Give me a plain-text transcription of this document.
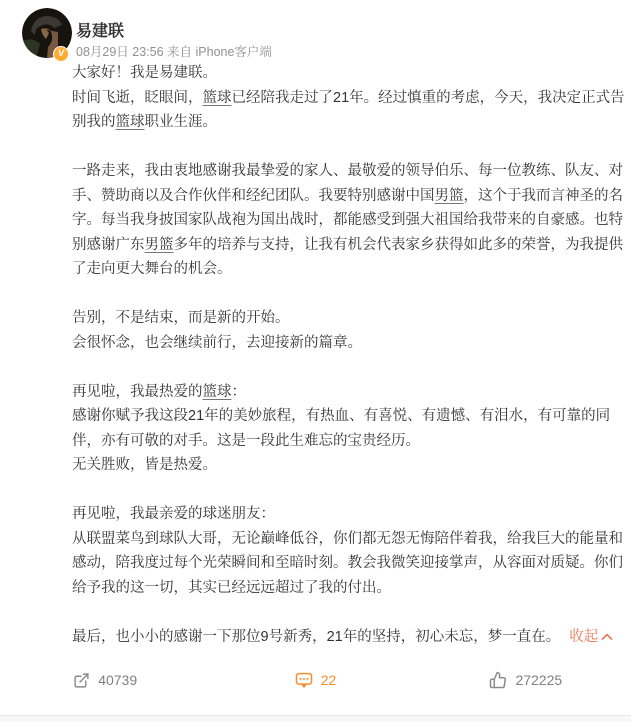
V
易建联
08月29日 23:56 来自 iPhone客户端

大家好！我是易建联。

时间飞逝，眨眼间，篮球已经陪我走过了21年。经过慎重的考虑，今天，我决定正式告

别我的篮球职业生涯。

一路走来，我由衷地感谢我最挚爱的家人、最敬爱的领导伯乐、每一位教练、队友、对

手、赞助商以及合作伙伴和经纪团队。我要特别感谢中国男篮，这个于我而言神圣的名

字。每当我身披国家队战袍为国出战时，都能感受到强大祖国给我带来的自豪感。也特

别感谢广东男篮多年的培养与支持，让我有机会代表家乡获得如此多的荣誉，为我提供

了走向更大舞台的机会。

告别，不是结束，而是新的开始。

会很怀念，也会继续前行，去迎接新的篇章。

再见啦，我最热爱的篮球：

感谢你赋予我这段21年的美妙旅程，有热血、有喜悦、有遗憾、有泪水，有可靠的同

伴，亦有可敬的对手。这是一段此生难忘的宝贵经历。

无关胜败，皆是热爱。

再见啦，我最亲爱的球迷朋友：

从联盟菜鸟到球队大哥，无论巅峰低谷，你们都无怨无悔陪伴着我，给我巨大的能量和

感动，陪我度过每个光荣瞬间和至暗时刻。教会我微笑迎接掌声，从容面对质疑。你们

给予我的这一切，其实已经远远超过了我的付出。

最后，也小小的感谢一下那位9号新秀，21年的坚持，初心未忘，梦一直在。 收起

40739	22	272225
